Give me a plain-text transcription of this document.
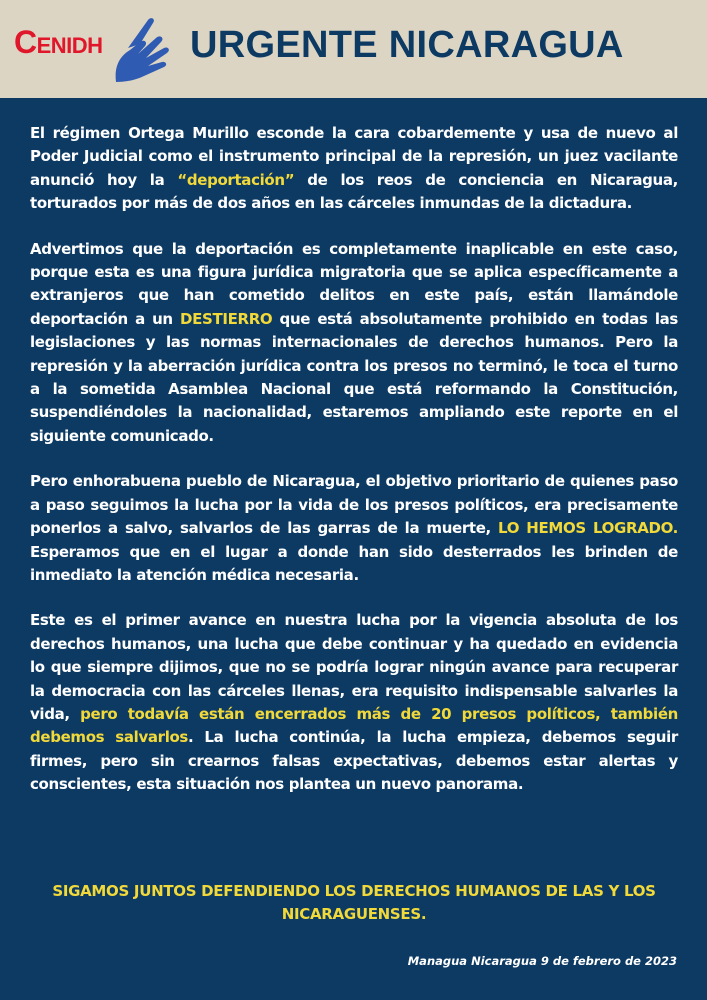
CENIDH URGENTE NICARAGUA

El régimen Ortega Murillo esconde la cara cobardemente y usa de nuevo al Poder Judicial como el instrumento principal de la represión, un juez vacilante anunció hoy la “deportación” de los reos de conciencia en Nicaragua, torturados por más de dos años en las cárceles inmundas de la dictadura.

Advertimos que la deportación es completamente inaplicable en este caso, porque esta es una figura jurídica migratoria que se aplica específicamente a extranjeros que han cometido delitos en este país, están llamándole deportación a un DESTIERRO que está absolutamente prohibido en todas las legislaciones y las normas internacionales de derechos humanos. Pero la represión y la aberración jurídica contra los presos no terminó, le toca el turno a la sometida Asamblea Nacional que está reformando la Constitución, suspendiéndoles la nacionalidad, estaremos ampliando este reporte en el siguiente comunicado.

Pero enhorabuena pueblo de Nicaragua, el objetivo prioritario de quienes paso a paso seguimos la lucha por la vida de los presos políticos, era precisamente ponerlos a salvo, salvarlos de las garras de la muerte, LO HEMOS LOGRADO. Esperamos que en el lugar a donde han sido desterrados les brinden de inmediato la atención médica necesaria.

Este es el primer avance en nuestra lucha por la vigencia absoluta de los derechos humanos, una lucha que debe continuar y ha quedado en evidencia lo que siempre dijimos, que no se podría lograr ningún avance para recuperar la democracia con las cárceles llenas, era requisito indispensable salvarles la vida, pero todavía están encerrados más de 20 presos políticos, también debemos salvarlos. La lucha continúa, la lucha empieza, debemos seguir firmes, pero sin crearnos falsas expectativas, debemos estar alertas y conscientes, esta situación nos plantea un nuevo panorama.

SIGAMOS JUNTOS DEFENDIENDO LOS DERECHOS HUMANOS DE LAS Y LOS NICARAGUENSES.
Managua Nicaragua 9 de febrero de 2023
